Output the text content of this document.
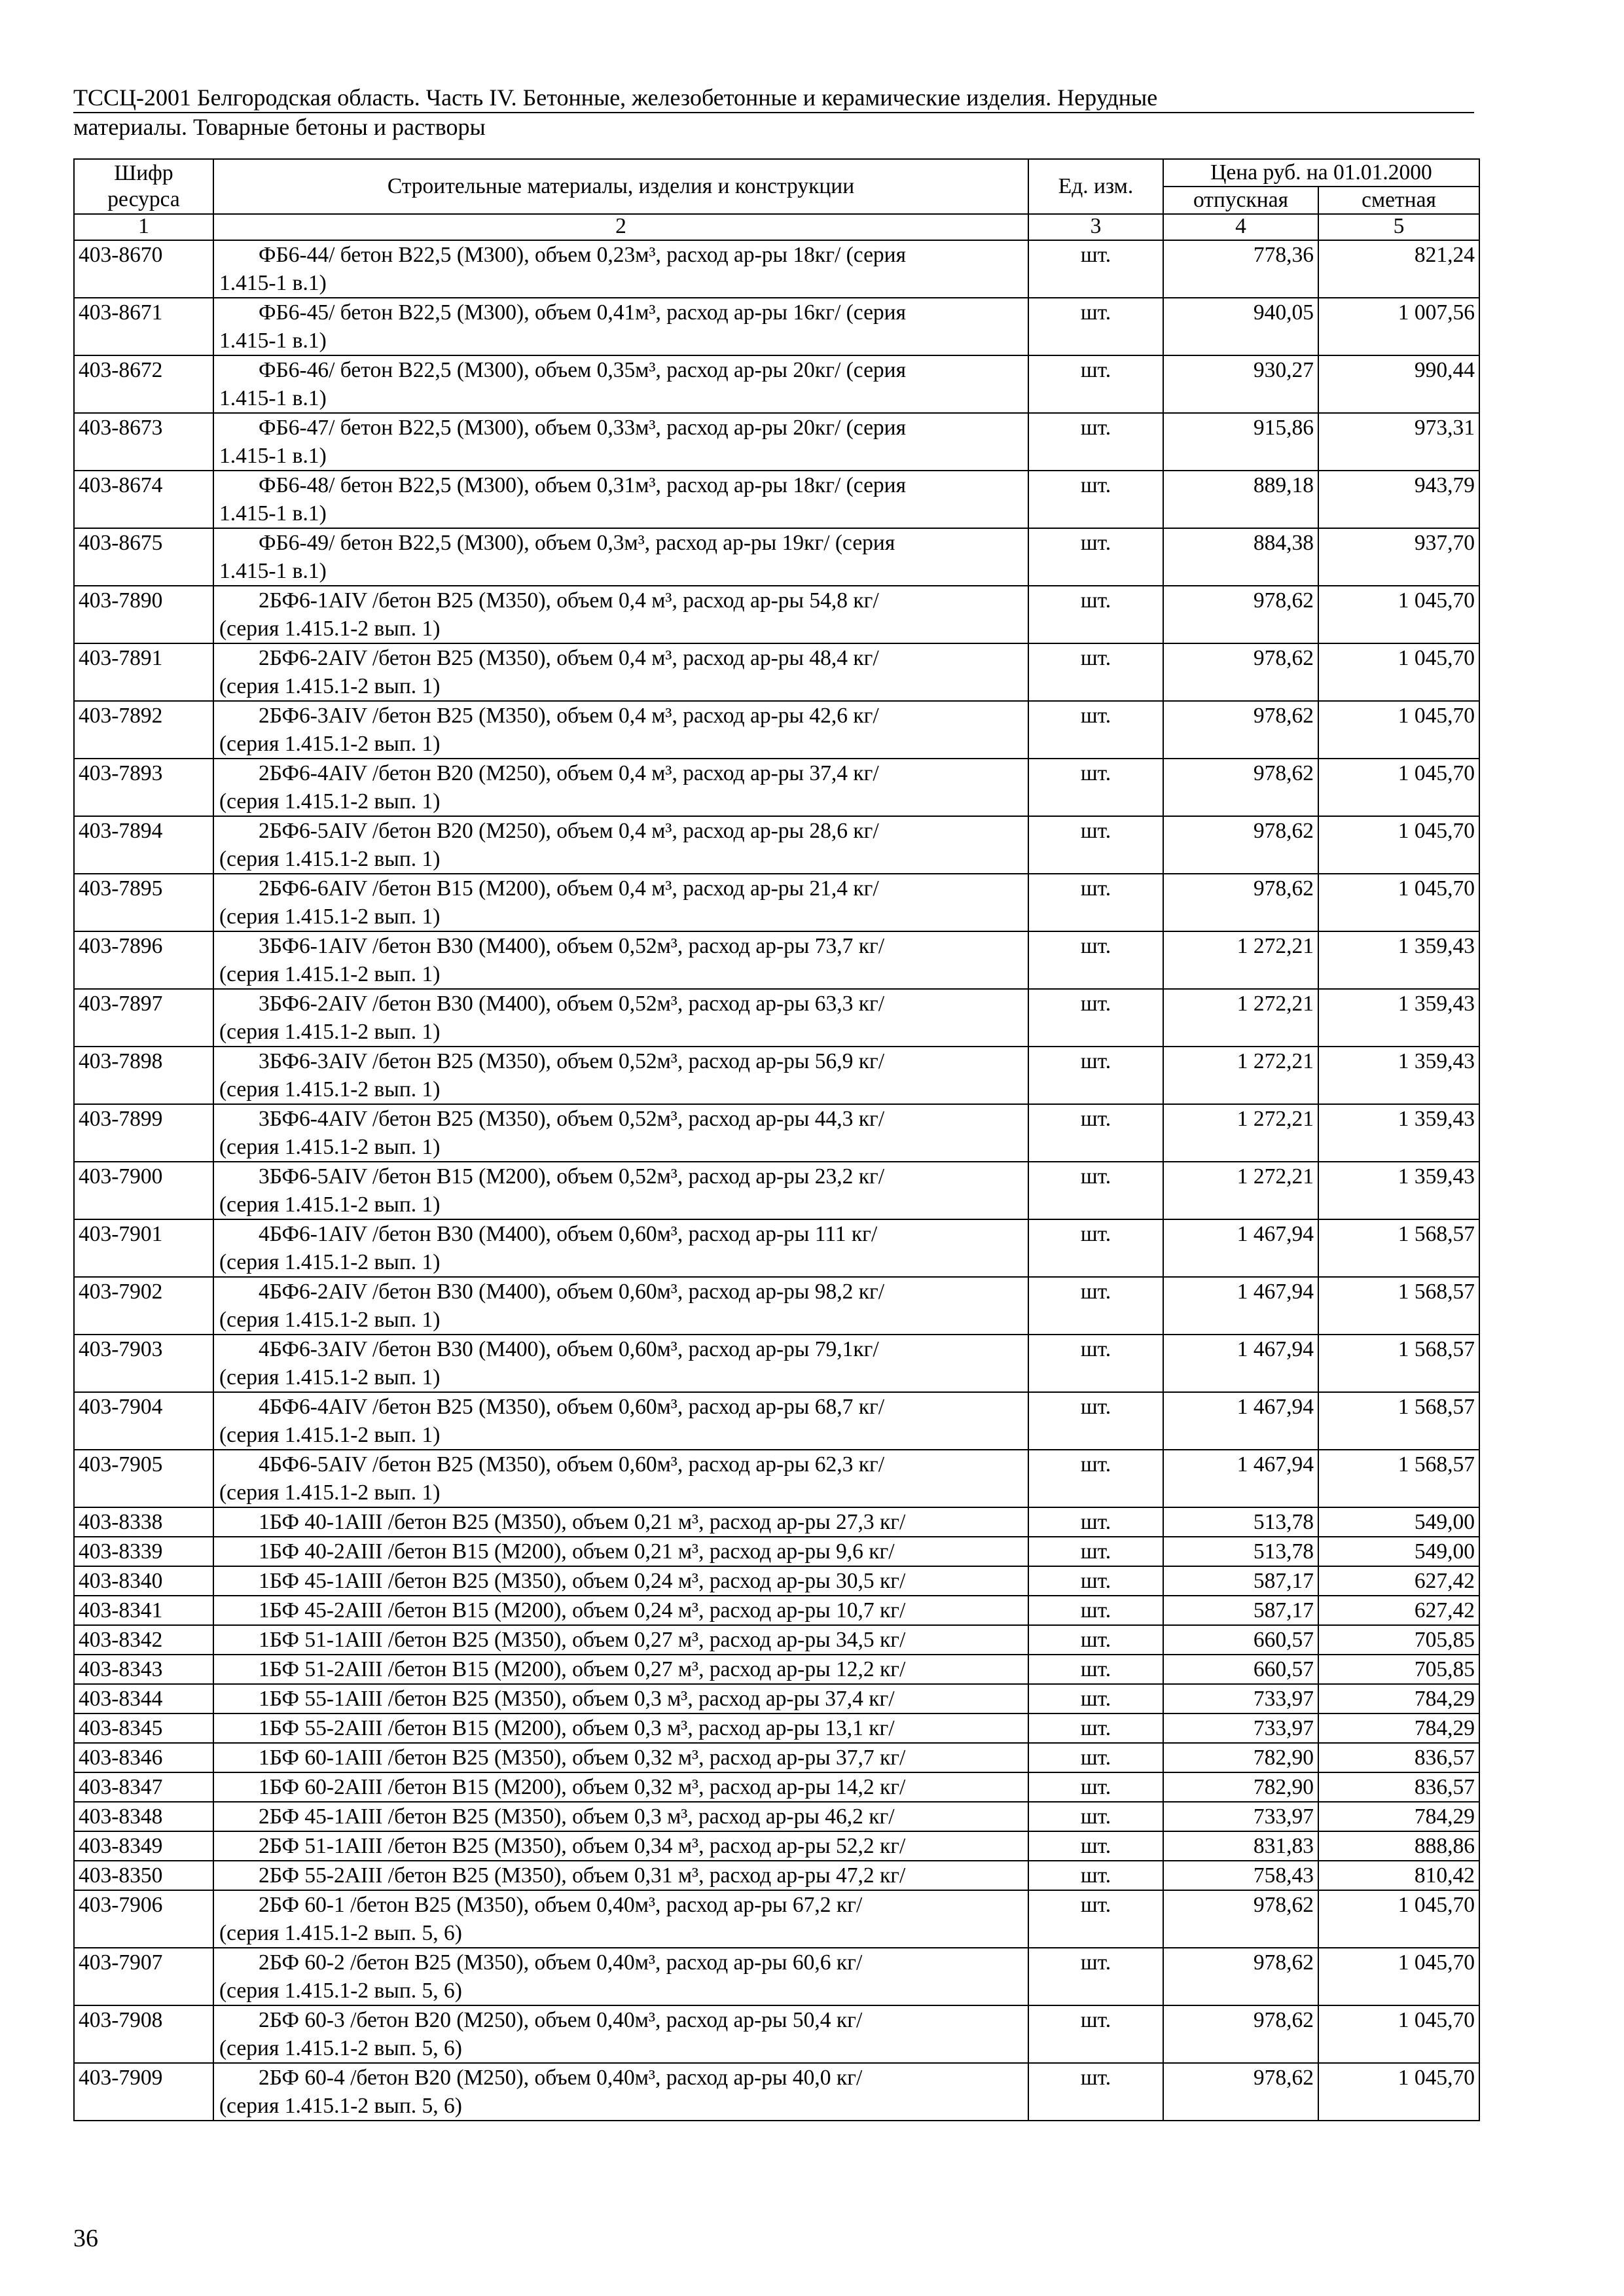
ТССЦ-2001 Белгородская область. Часть IV. Бетонные, железобетонные и керамические изделия. Нерудные
материалы. Товарные бетоны и растворы
Шифр ресурса	Строительные материалы, изделия и конструкции	Ед. изм.	Цена руб. на 01.01.2000	
			отпускная	сметная
1	2	3	4	5
403-8670	ФБ6-44/ бетон В22,5 (М300), объем 0,23м³, расход ар-ры 18кг/ (серия
1.415-1 в.1)	шт.	778,36	821,24
403-8671	ФБ6-45/ бетон В22,5 (М300), объем 0,41м³, расход ар-ры 16кг/ (серия
1.415-1 в.1)	шт.	940,05	1 007,56
403-8672	ФБ6-46/ бетон В22,5 (М300), объем 0,35м³, расход ар-ры 20кг/ (серия
1.415-1 в.1)	шт.	930,27	990,44
403-8673	ФБ6-47/ бетон В22,5 (М300), объем 0,33м³, расход ар-ры 20кг/ (серия
1.415-1 в.1)	шт.	915,86	973,31
403-8674	ФБ6-48/ бетон В22,5 (М300), объем 0,31м³, расход ар-ры 18кг/ (серия
1.415-1 в.1)	шт.	889,18	943,79
403-8675	ФБ6-49/ бетон В22,5 (М300), объем 0,3м³, расход ар-ры 19кг/ (серия
1.415-1 в.1)	шт.	884,38	937,70
403-7890	2БФ6-1АIV /бетон В25 (М350), объем 0,4 м³, расход ар-ры 54,8 кг/
(серия 1.415.1-2 вып. 1)	шт.	978,62	1 045,70
403-7891	2БФ6-2АIV /бетон В25 (М350), объем 0,4 м³, расход ар-ры 48,4 кг/
(серия 1.415.1-2 вып. 1)	шт.	978,62	1 045,70
403-7892	2БФ6-3АIV /бетон В25 (М350), объем 0,4 м³, расход ар-ры 42,6 кг/
(серия 1.415.1-2 вып. 1)	шт.	978,62	1 045,70
403-7893	2БФ6-4АIV /бетон В20 (М250), объем 0,4 м³, расход ар-ры 37,4 кг/
(серия 1.415.1-2 вып. 1)	шт.	978,62	1 045,70
403-7894	2БФ6-5АIV /бетон В20 (М250), объем 0,4 м³, расход ар-ры 28,6 кг/
(серия 1.415.1-2 вып. 1)	шт.	978,62	1 045,70
403-7895	2БФ6-6АIV /бетон В15 (М200), объем 0,4 м³, расход ар-ры 21,4 кг/
(серия 1.415.1-2 вып. 1)	шт.	978,62	1 045,70
403-7896	3БФ6-1АIV /бетон В30 (М400), объем 0,52м³, расход ар-ры 73,7 кг/
(серия 1.415.1-2 вып. 1)	шт.	1 272,21	1 359,43
403-7897	3БФ6-2АIV /бетон В30 (М400), объем 0,52м³, расход ар-ры 63,3 кг/
(серия 1.415.1-2 вып. 1)	шт.	1 272,21	1 359,43
403-7898	3БФ6-3АIV /бетон В25 (М350), объем 0,52м³, расход ар-ры 56,9 кг/
(серия 1.415.1-2 вып. 1)	шт.	1 272,21	1 359,43
403-7899	3БФ6-4АIV /бетон В25 (М350), объем 0,52м³, расход ар-ры 44,3 кг/
(серия 1.415.1-2 вып. 1)	шт.	1 272,21	1 359,43
403-7900	3БФ6-5АIV /бетон В15 (М200), объем 0,52м³, расход ар-ры 23,2 кг/
(серия 1.415.1-2 вып. 1)	шт.	1 272,21	1 359,43
403-7901	4БФ6-1АIV /бетон В30 (М400), объем 0,60м³, расход ар-ры 111 кг/
(серия 1.415.1-2 вып. 1)	шт.	1 467,94	1 568,57
403-7902	4БФ6-2АIV /бетон В30 (М400), объем 0,60м³, расход ар-ры 98,2 кг/
(серия 1.415.1-2 вып. 1)	шт.	1 467,94	1 568,57
403-7903	4БФ6-3АIV /бетон В30 (М400), объем 0,60м³, расход ар-ры 79,1кг/
(серия 1.415.1-2 вып. 1)	шт.	1 467,94	1 568,57
403-7904	4БФ6-4АIV /бетон В25 (М350), объем 0,60м³, расход ар-ры 68,7 кг/
(серия 1.415.1-2 вып. 1)	шт.	1 467,94	1 568,57
403-7905	4БФ6-5АIV /бетон В25 (М350), объем 0,60м³, расход ар-ры 62,3 кг/
(серия 1.415.1-2 вып. 1)	шт.	1 467,94	1 568,57
403-8338	1БФ 40-1АIII /бетон В25 (М350), объем 0,21 м³, расход ар-ры 27,3 кг/	шт.	513,78	549,00
403-8339	1БФ 40-2АIII /бетон В15 (М200), объем 0,21 м³, расход ар-ры 9,6 кг/	шт.	513,78	549,00
403-8340	1БФ 45-1АIII /бетон В25 (М350), объем 0,24 м³, расход ар-ры 30,5 кг/	шт.	587,17	627,42
403-8341	1БФ 45-2АIII /бетон В15 (М200), объем 0,24 м³, расход ар-ры 10,7 кг/	шт.	587,17	627,42
403-8342	1БФ 51-1АIII /бетон В25 (М350), объем 0,27 м³, расход ар-ры 34,5 кг/	шт.	660,57	705,85
403-8343	1БФ 51-2АIII /бетон В15 (М200), объем 0,27 м³, расход ар-ры 12,2 кг/	шт.	660,57	705,85
403-8344	1БФ 55-1АIII /бетон В25 (М350), объем 0,3 м³, расход ар-ры 37,4 кг/	шт.	733,97	784,29
403-8345	1БФ 55-2АIII /бетон В15 (М200), объем 0,3 м³, расход ар-ры 13,1 кг/	шт.	733,97	784,29
403-8346	1БФ 60-1АIII /бетон В25 (М350), объем 0,32 м³, расход ар-ры 37,7 кг/	шт.	782,90	836,57
403-8347	1БФ 60-2АIII /бетон В15 (М200), объем 0,32 м³, расход ар-ры 14,2 кг/	шт.	782,90	836,57
403-8348	2БФ 45-1АIII /бетон В25 (М350), объем 0,3 м³, расход ар-ры 46,2 кг/	шт.	733,97	784,29
403-8349	2БФ 51-1АIII /бетон В25 (М350), объем 0,34 м³, расход ар-ры 52,2 кг/	шт.	831,83	888,86
403-8350	2БФ 55-2АIII /бетон В25 (М350), объем 0,31 м³, расход ар-ры 47,2 кг/	шт.	758,43	810,42
403-7906	2БФ 60-1 /бетон В25 (М350), объем 0,40м³, расход ар-ры 67,2 кг/
(серия 1.415.1-2 вып. 5, 6)	шт.	978,62	1 045,70
403-7907	2БФ 60-2 /бетон В25 (М350), объем 0,40м³, расход ар-ры 60,6 кг/
(серия 1.415.1-2 вып. 5, 6)	шт.	978,62	1 045,70
403-7908	2БФ 60-3 /бетон В20 (М250), объем 0,40м³, расход ар-ры 50,4 кг/
(серия 1.415.1-2 вып. 5, 6)	шт.	978,62	1 045,70
403-7909	2БФ 60-4 /бетон В20 (М250), объем 0,40м³, расход ар-ры 40,0 кг/
(серия 1.415.1-2 вып. 5, 6)	шт.	978,62	1 045,70
36
